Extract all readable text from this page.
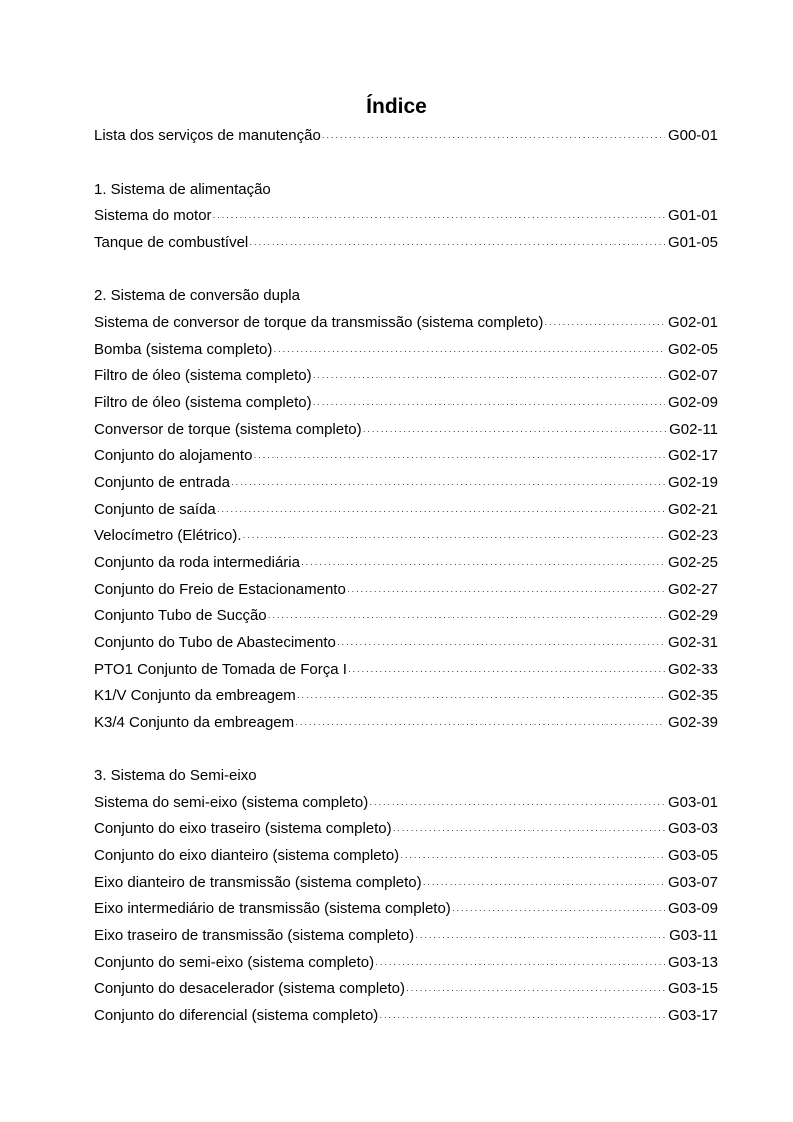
Índice
Lista dos serviços de manutenção ·····	G00-01
1. Sistema de alimentação
Sistema do motor ·····	G01-01
Tanque de combustível ·····	G01-05
2. Sistema de conversão dupla
Sistema de conversor de torque da transmissão (sistema completo) ·····	G02-01
Bomba (sistema completo) ·····	G02-05
Filtro de óleo (sistema completo) ·····	G02-07
Filtro de óleo (sistema completo) ·····	G02-09
Conversor de torque (sistema completo) ·····	G02-11
Conjunto do alojamento ·····	G02-17
Conjunto de entrada ·····	G02-19
Conjunto de saída ·····	G02-21
Velocímetro (Elétrico). ·····	G02-23
Conjunto da roda intermediária ·····	G02-25
Conjunto do Freio de Estacionamento ·····	G02-27
Conjunto Tubo de Sucção ·····	G02-29
Conjunto do Tubo de Abastecimento ·····	G02-31
PTO1 Conjunto de Tomada de Força I ·····	G02-33
K1/V Conjunto da embreagem ·····	G02-35
K3/4 Conjunto da embreagem ·····	G02-39
3. Sistema do Semi-eixo
Sistema do semi-eixo (sistema completo) ·····	G03-01
Conjunto do eixo traseiro (sistema completo) ·····	G03-03
Conjunto do eixo dianteiro (sistema completo) ·····	G03-05
Eixo dianteiro de transmissão (sistema completo) ·····	G03-07
Eixo intermediário de transmissão (sistema completo) ·····	G03-09
Eixo traseiro de transmissão (sistema completo) ·····	G03-11
Conjunto do semi-eixo (sistema completo) ·····	G03-13
Conjunto do desacelerador (sistema completo) ·····	G03-15
Conjunto do diferencial (sistema completo) ·····	G03-17
